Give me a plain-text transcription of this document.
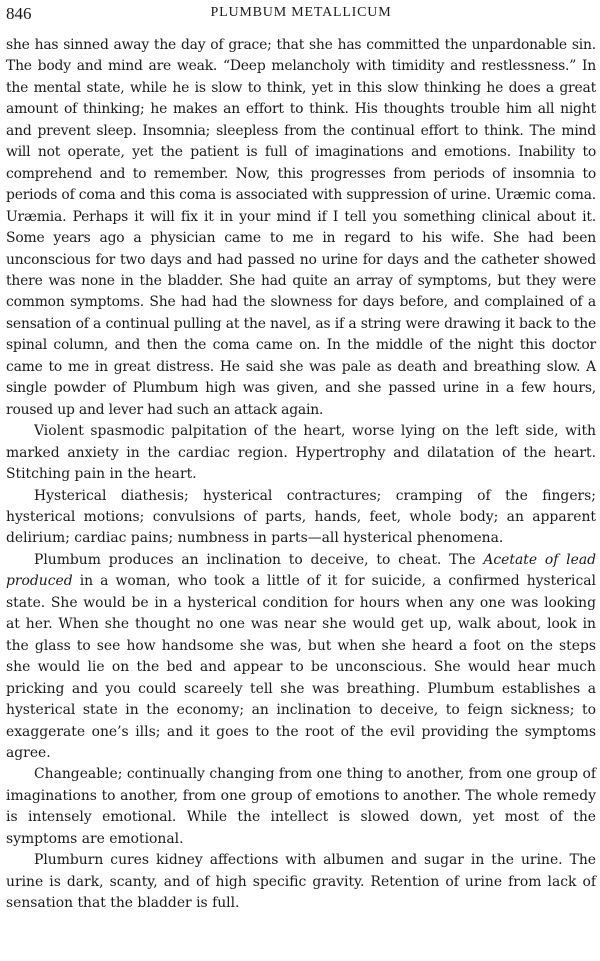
846	PLUMBUM METALLICUM

she has sinned away the day of grace; that she has committed the unpardonable sin. The body and mind are weak. “Deep melancholy with timidity and restlessness.” In the mental state, while he is slow to think, yet in this slow thinking he does a great amount of thinking; he makes an effort to think. His thoughts trouble him all night and prevent sleep. Insomnia; sleepless from the continual effort to think. The mind will not operate, yet the patient is full of imaginations and emotions. Inability to comprehend and to remember. Now, this progresses from periods of insomnia to periods of coma and this coma is associated with suppression of urine. Uræmic coma. Uræmia. Perhaps it will fix it in your mind if I tell you something clinical about it. Some years ago a physician came to me in regard to his wife. She had been unconscious for two days and had passed no urine for days and the catheter showed there was none in the bladder. She had quite an array of symptoms, but they were common symptoms. She had had the slowness for days before, and complained of a sensation of a continual pulling at the navel, as if a string were drawing it back to the spinal column, and then the coma came on. In the middle of the night this doctor came to me in great distress. He said she was pale as death and breathing slow. A single powder of Plumbum high was given, and she passed urine in a few hours, roused up and lever had such an attack again.

Violent spasmodic palpitation of the heart, worse lying on the left side, with marked anxiety in the cardiac region. Hypertrophy and dilatation of the heart. Stitching pain in the heart.

Hysterical diathesis; hysterical contractures; cramping of the fingers; hysterical motions; convulsions of parts, hands, feet, whole body; an apparent delirium; cardiac pains; numbness in parts—all hysterical phenomena.

Plumbum produces an inclination to deceive, to cheat. The Acetate of lead produced in a woman, who took a little of it for suicide, a confirmed hysterical state. She would be in a hysterical condition for hours when any one was looking at her. When she thought no one was near she would get up, walk about, look in the glass to see how handsome she was, but when she heard a foot on the steps she would lie on the bed and appear to be unconscious. She would hear much pricking and you could scareely tell she was breathing. Plumbum establishes a hysterical state in the economy; an inclination to deceive, to feign sickness; to exaggerate one’s ills; and it goes to the root of the evil providing the symptoms agree.

Changeable; continually changing from one thing to another, from one group of imaginations to another, from one group of emotions to another. The whole remedy is intensely emotional. While the intellect is slowed down, yet most of the symptoms are emotional.

Plumburn cures kidney affections with albumen and sugar in the urine. The urine is dark, scanty, and of high specific gravity. Retention of urine from lack of sensation that the bladder is full.
